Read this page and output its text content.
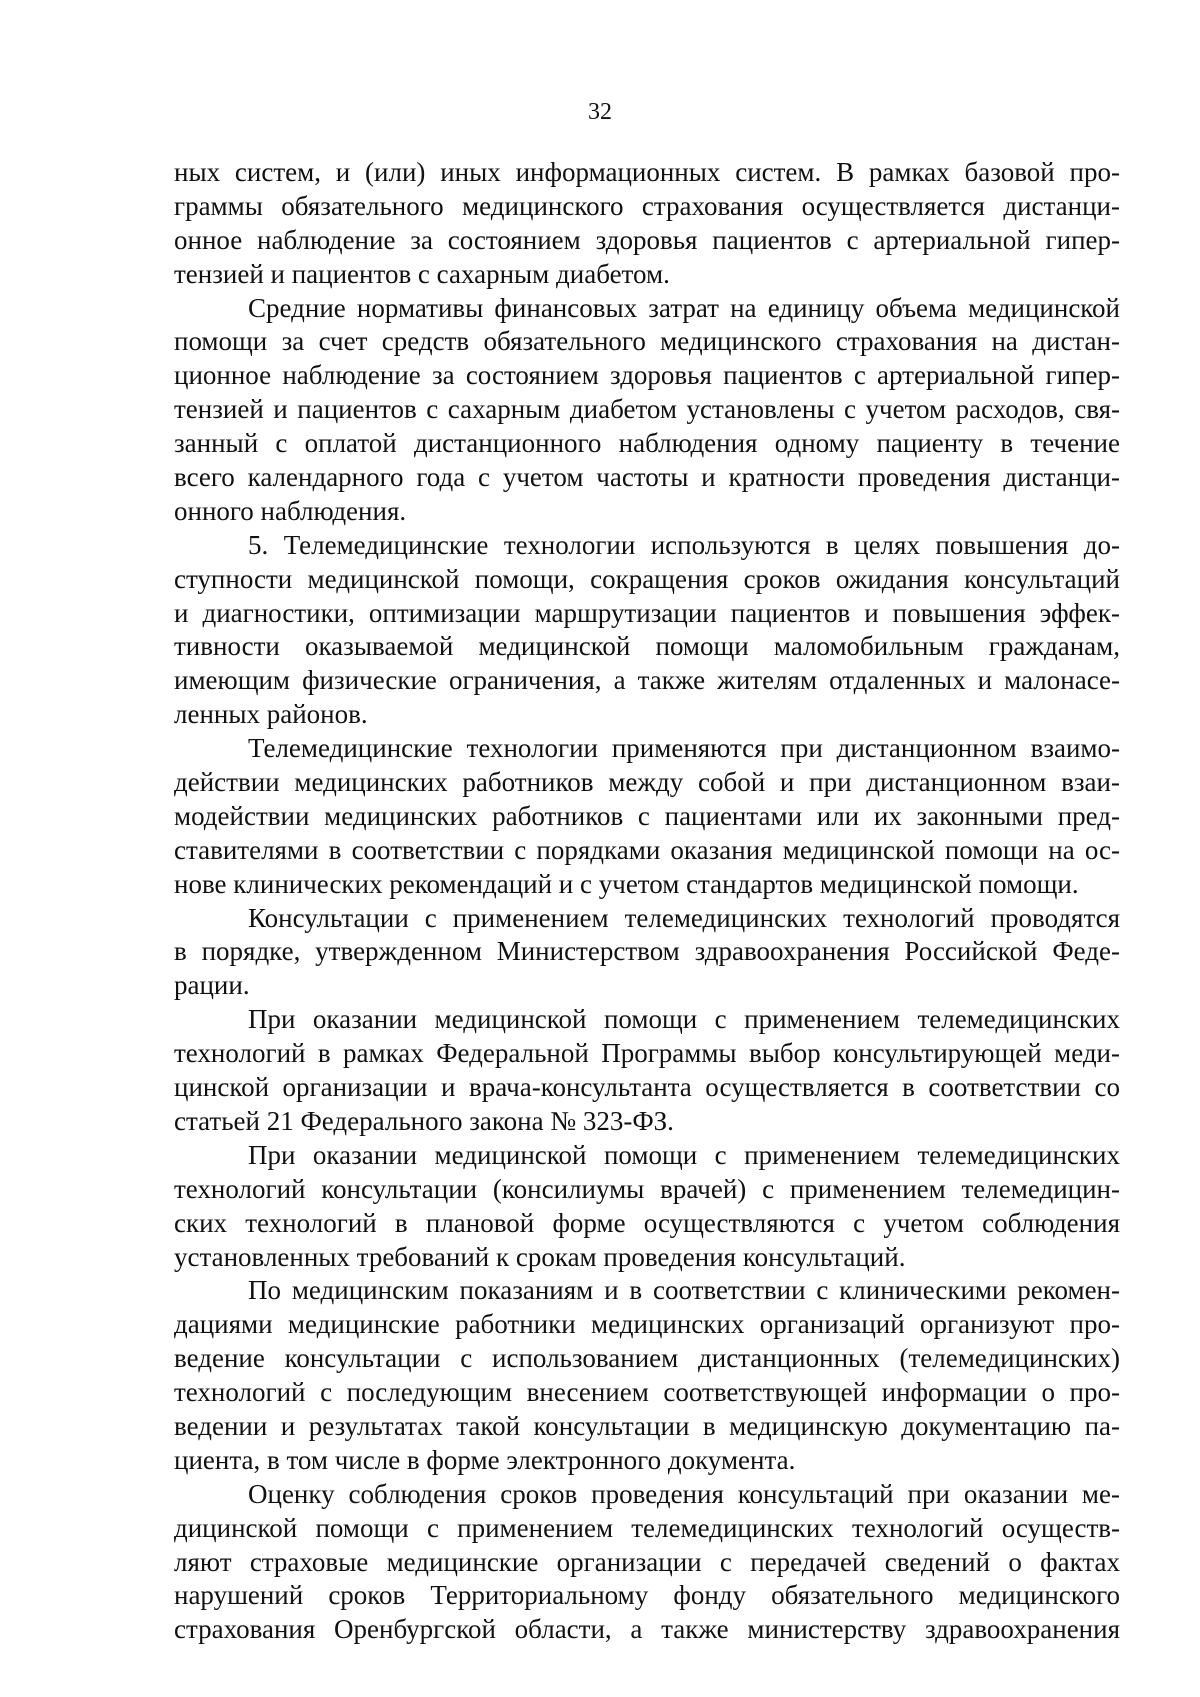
32
ных систем, и (или) иных информационных систем. В рамках базовой про-
граммы обязательного медицинского страхования осуществляется дистанци-
онное наблюдение за состоянием здоровья пациентов с артериальной гипер-
тензией и пациентов с сахарным диабетом.
Средние нормативы финансовых затрат на единицу объема медицинской
помощи за счет средств обязательного медицинского страхования на дистан-
ционное наблюдение за состоянием здоровья пациентов с артериальной гипер-
тензией и пациентов с сахарным диабетом установлены с учетом расходов, свя-
занный с оплатой дистанционного наблюдения одному пациенту в течение
всего календарного года с учетом частоты и кратности проведения дистанци-
онного наблюдения.
5. Телемедицинские технологии используются в целях повышения до-
ступности медицинской помощи, сокращения сроков ожидания консультаций
и диагностики, оптимизации маршрутизации пациентов и повышения эффек-
тивности оказываемой медицинской помощи маломобильным гражданам,
имеющим физические ограничения, а также жителям отдаленных и малонасе-
ленных районов.
Телемедицинские технологии применяются при дистанционном взаимо-
действии медицинских работников между собой и при дистанционном взаи-
модействии медицинских работников с пациентами или их законными пред-
ставителями в соответствии с порядками оказания медицинской помощи на ос-
нове клинических рекомендаций и с учетом стандартов медицинской помощи.
Консультации с применением телемедицинских технологий проводятся
в порядке, утвержденном Министерством здравоохранения Российской Феде-
рации.
При оказании медицинской помощи с применением телемедицинских
технологий в рамках Федеральной Программы выбор консультирующей меди-
цинской организации и врача-консультанта осуществляется в соответствии со
статьей 21 Федерального закона № 323-ФЗ.
При оказании медицинской помощи с применением телемедицинских
технологий консультации (консилиумы врачей) с применением телемедицин-
ских технологий в плановой форме осуществляются с учетом соблюдения
установленных требований к срокам проведения консультаций.
По медицинским показаниям и в соответствии с клиническими рекомен-
дациями медицинские работники медицинских организаций организуют про-
ведение консультации с использованием дистанционных (телемедицинских)
технологий с последующим внесением соответствующей информации о про-
ведении и результатах такой консультации в медицинскую документацию па-
циента, в том числе в форме электронного документа.
Оценку соблюдения сроков проведения консультаций при оказании ме-
дицинской помощи с применением телемедицинских технологий осуществ-
ляют страховые медицинские организации с передачей сведений о фактах
нарушений сроков Территориальному фонду обязательного медицинского
страхования Оренбургской области, а также министерству здравоохранения
